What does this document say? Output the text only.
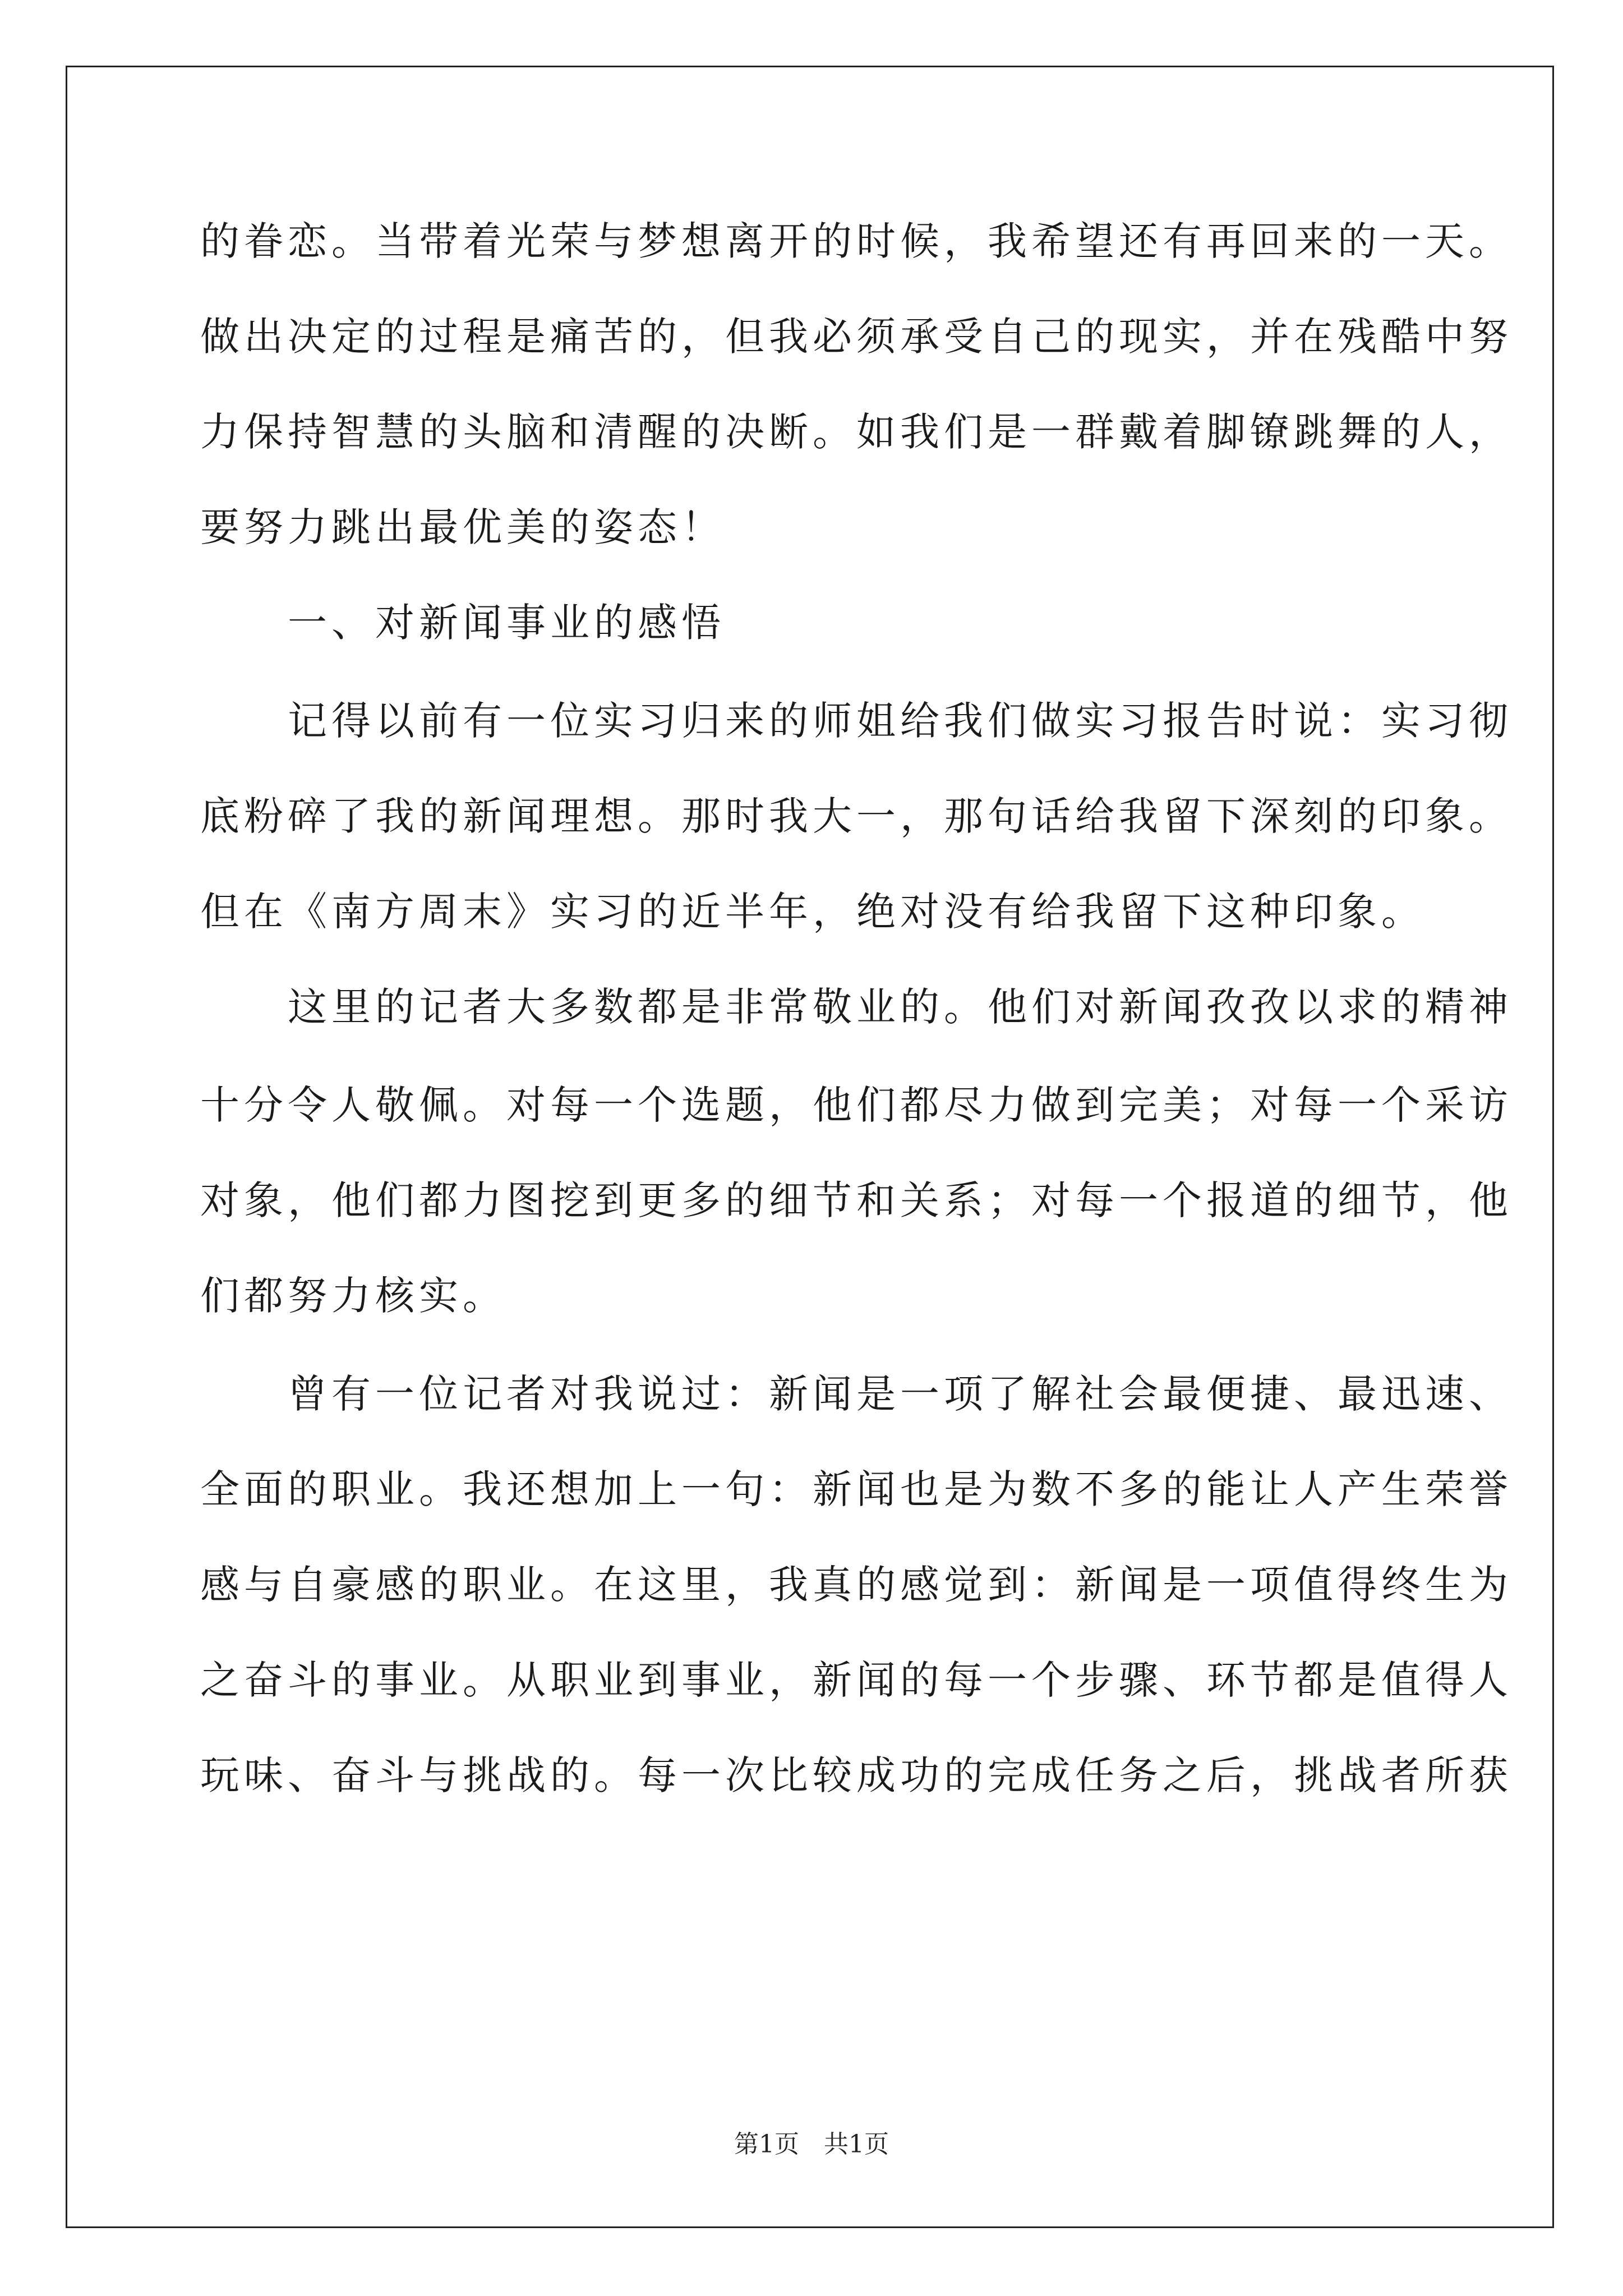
的眷恋。当带着光荣与梦想离开的时候，我希望还有再回来的一天。
做出决定的过程是痛苦的，但我必须承受自己的现实，并在残酷中努
力保持智慧的头脑和清醒的决断。如我们是一群戴着脚镣跳舞的人，
要努力跳出最优美的姿态！
　　一、对新闻事业的感悟
　　记得以前有一位实习归来的师姐给我们做实习报告时说：实习彻
底粉碎了我的新闻理想。那时我大一，那句话给我留下深刻的印象。
但在《南方周末》实习的近半年，绝对没有给我留下这种印象。
　　这里的记者大多数都是非常敬业的。他们对新闻孜孜以求的精神
十分令人敬佩。对每一个选题，他们都尽力做到完美；对每一个采访
对象，他们都力图挖到更多的细节和关系；对每一个报道的细节，他
们都努力核实。
　　曾有一位记者对我说过：新闻是一项了解社会最便捷、最迅速、
全面的职业。我还想加上一句：新闻也是为数不多的能让人产生荣誉
感与自豪感的职业。在这里，我真的感觉到：新闻是一项值得终生为
之奋斗的事业。从职业到事业，新闻的每一个步骤、环节都是值得人
玩味、奋斗与挑战的。每一次比较成功的完成任务之后，挑战者所获
第1页　共1页
